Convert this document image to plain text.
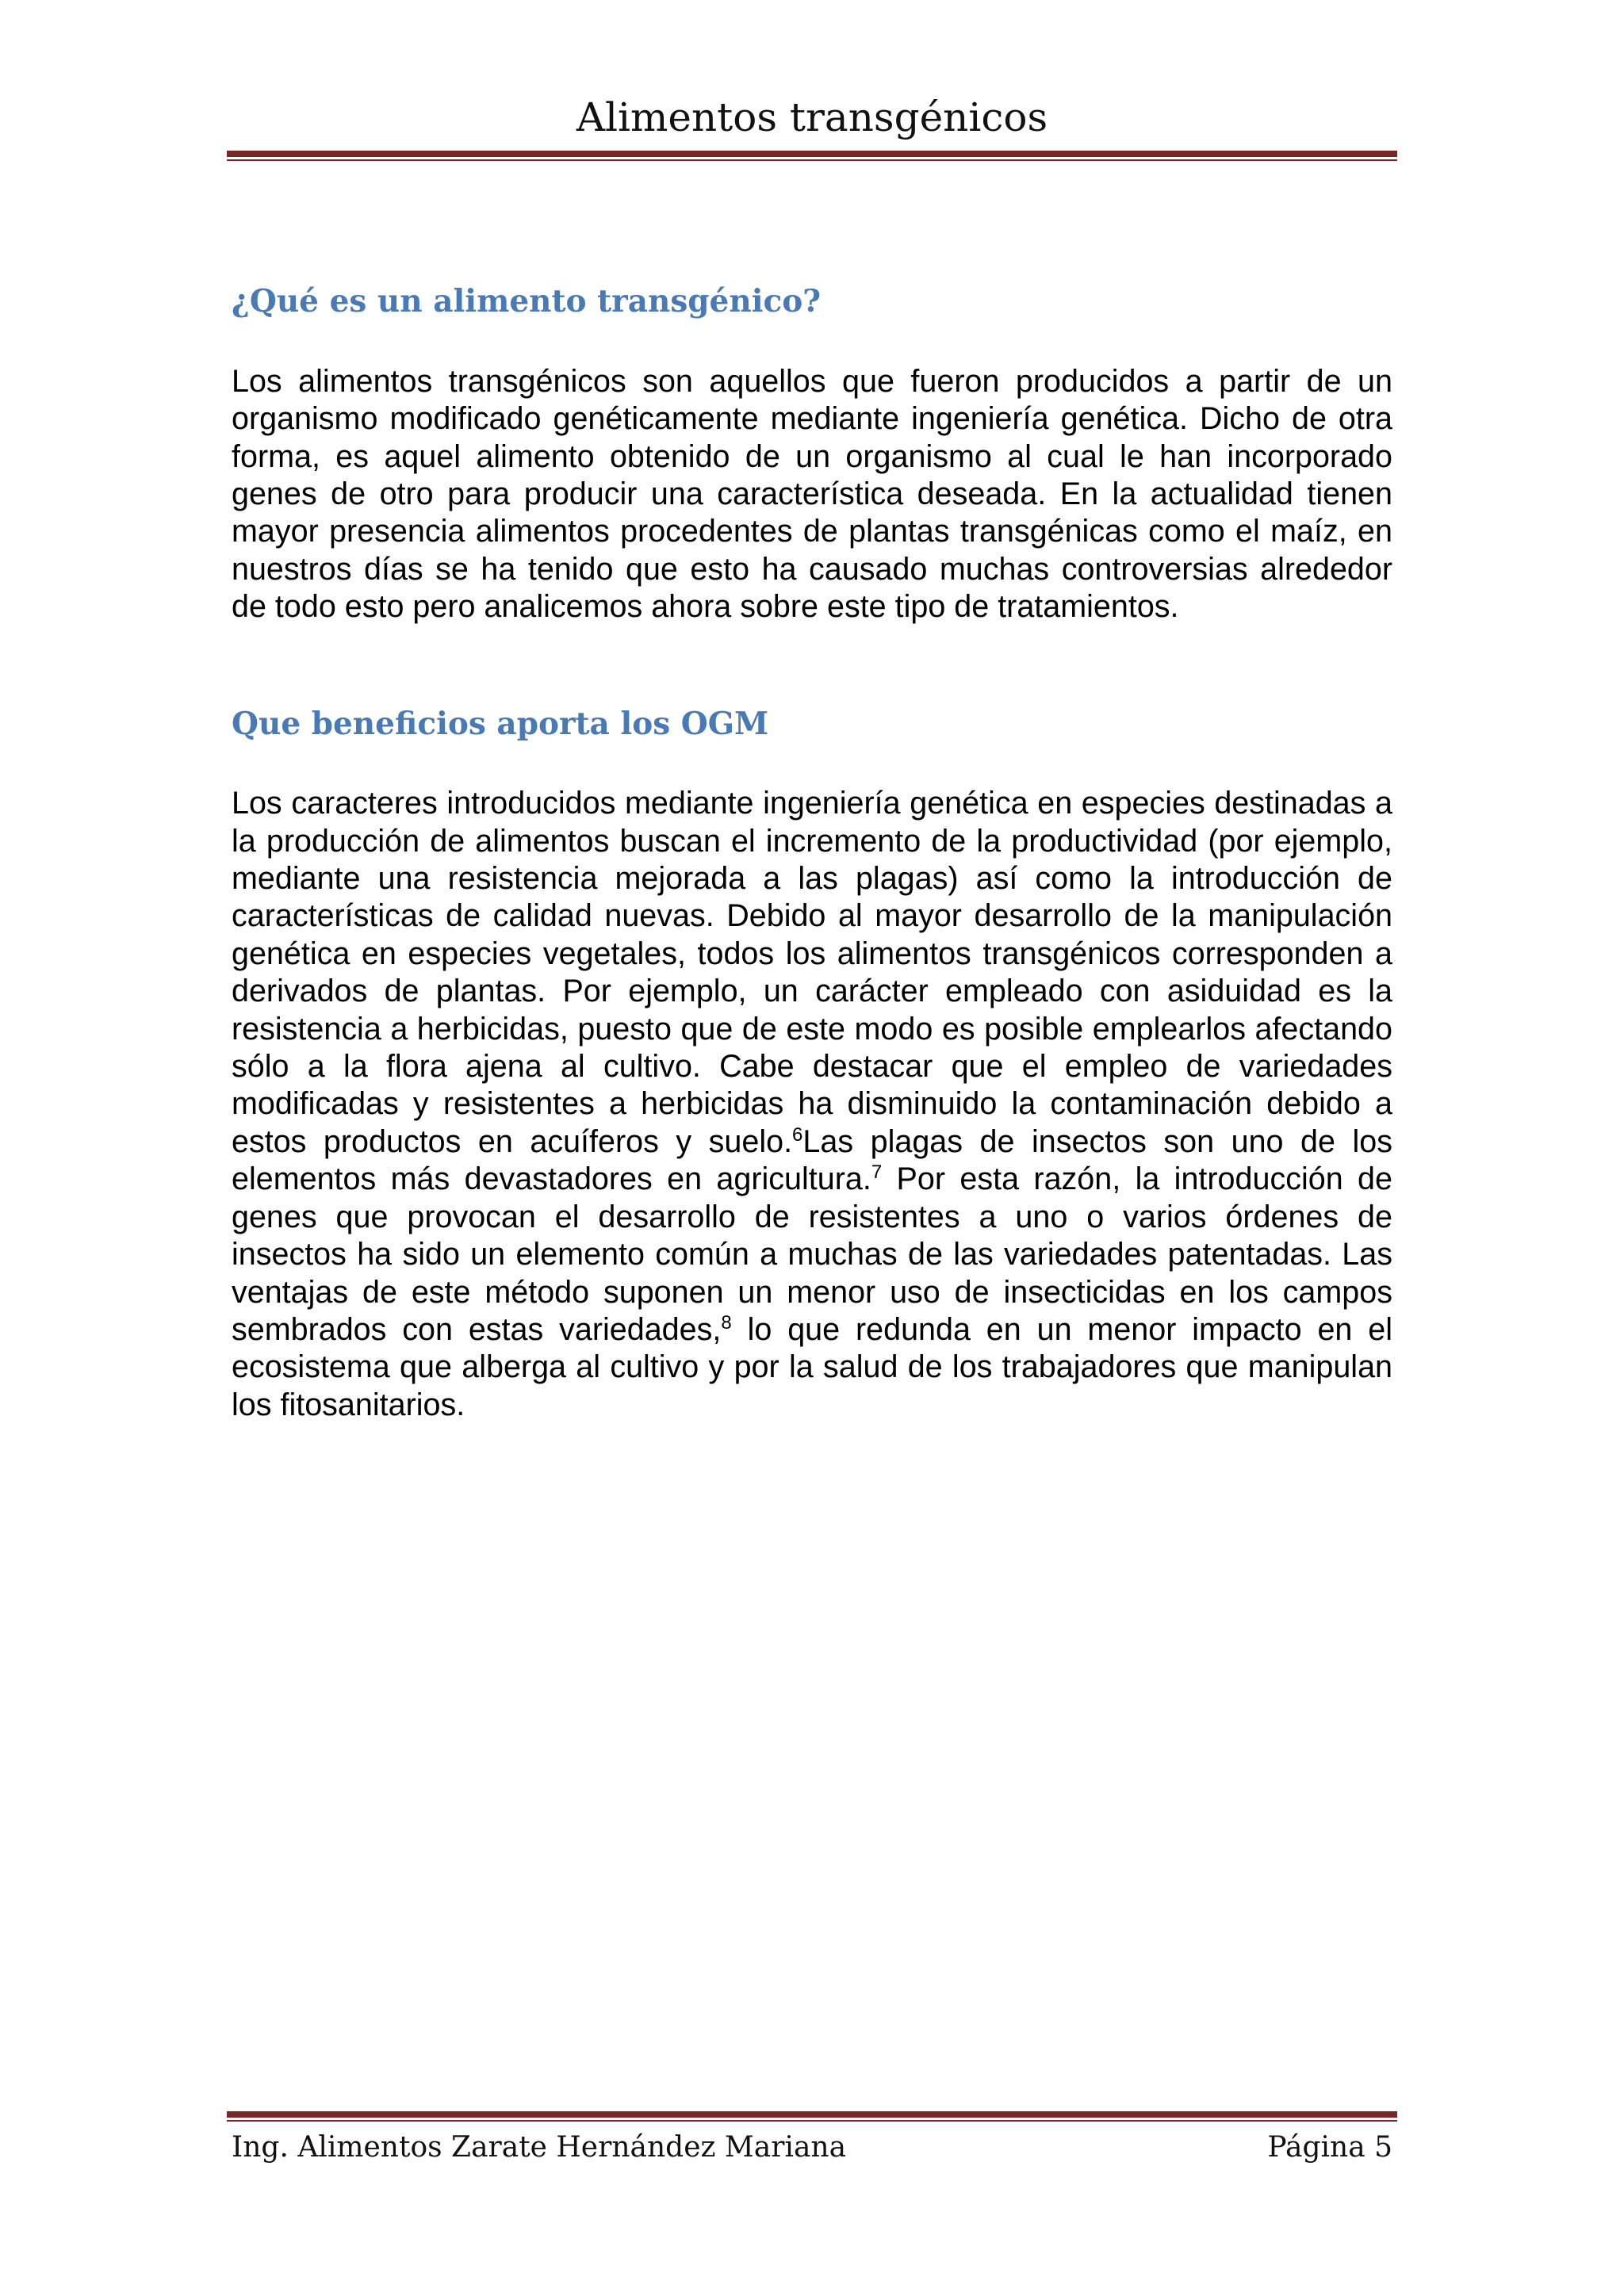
Alimentos transgénicos
¿Qué es un alimento transgénico?

Los alimentos transgénicos son aquellos que fueron producidos a partir de un organismo modificado genéticamente mediante ingeniería genética. Dicho de otra forma, es aquel alimento obtenido de un organismo al cual le han incorporado genes de otro para producir una característica deseada. En la actualidad tienen mayor presencia alimentos procedentes de plantas transgénicas como el maíz, en nuestros días se ha tenido que esto ha causado muchas controversias alrededor de todo esto pero analicemos ahora sobre este tipo de tratamientos.

Que beneficios aporta los OGM

Los caracteres introducidos mediante ingeniería genética en especies destinadas a la producción de alimentos buscan el incremento de la productividad (por ejemplo, mediante una resistencia mejorada a las plagas) así como la introducción de características de calidad nuevas. Debido al mayor desarrollo de la manipulación genética en especies vegetales, todos los alimentos transgénicos corresponden a derivados de plantas. Por ejemplo, un carácter empleado con asiduidad es la resistencia a herbicidas, puesto que de este modo es posible emplearlos afectando sólo a la flora ajena al cultivo. Cabe destacar que el empleo de variedades modificadas y resistentes a herbicidas ha disminuido la contaminación debido a estos productos en acuíferos y suelo.$^6$Las plagas de insectos son uno de los elementos más devastadores en agricultura.$^7$ Por esta razón, la introducción de genes que provocan el desarrollo de resistentes a uno o varios órdenes de insectos ha sido un elemento común a muchas de las variedades patentadas. Las ventajas de este método suponen un menor uso de insecticidas en los campos sembrados con estas variedades,$^8$ lo que redunda en un menor impacto en el ecosistema que alberga al cultivo y por la salud de los trabajadores que manipulan los fitosanitarios.

Ing. Alimentos Zarate Hernández Mariana	Página 5
